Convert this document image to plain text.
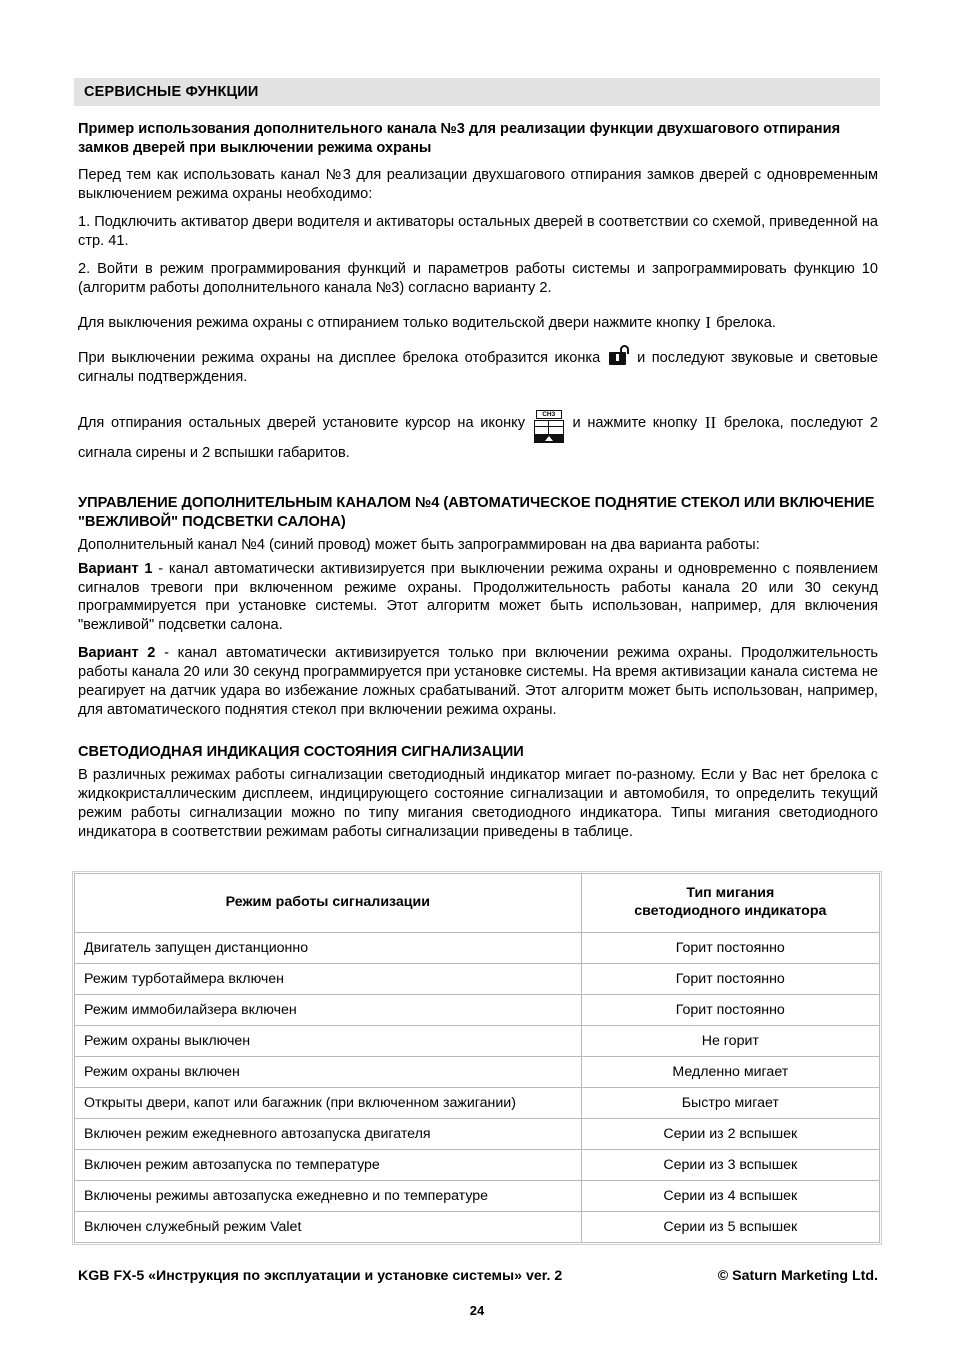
СЕРВИСНЫЕ ФУНКЦИИ
Пример использования дополнительного канала №3 для реализации функции двухшагового отпирания замков дверей при выключении режима охраны
Перед тем как использовать канал №3 для реализации двухшагового отпирания замков дверей с одновременным выключением режима охраны необходимо:
1. Подключить активатор двери водителя и активаторы остальных дверей в соответствии со схемой, приведенной на стр. 41.
2. Войти в режим программирования функций и параметров работы системы и запрограммировать функцию 10 (алгоритм работы дополнительного канала №3) согласно варианту 2.
Для выключения режима охраны с отпиранием только водительской двери нажмите кнопку I брелока.
При выключении режима охраны на дисплее брелока отобразится иконка	и последуют звуковые и световые сигналы подтверждения.
Для отпирания остальных дверей установите курсор на иконку
CH3
и нажмите кнопку II брелока, последуют 2 сигнала сирены и 2 вспышки габаритов.
УПРАВЛЕНИЕ ДОПОЛНИТЕЛЬНЫМ КАНАЛОМ №4 (АВТОМАТИЧЕСКОЕ ПОДНЯТИЕ СТЕКОЛ ИЛИ ВКЛЮЧЕНИЕ "ВЕЖЛИВОЙ" ПОДСВЕТКИ САЛОНА)
Дополнительный канал №4 (синий провод) может быть запрограммирован на два варианта работы:
Вариант 1 - канал автоматически активизируется при выключении режима охраны и одновременно с появлением сигналов тревоги при включенном режиме охраны. Продолжительность работы канала 20 или 30 секунд программируется при установке системы. Этот алгоритм может быть использован, например, для включения "вежливой" подсветки салона.
Вариант 2 - канал автоматически активизируется только при включении режима охраны. Продолжительность работы канала 20 или 30 секунд программируется при установке системы. На время активизации канала система не реагирует на датчик удара во избежание ложных срабатываний. Этот алгоритм может быть использован, например, для автоматического поднятия стекол при включении режима охраны.
СВЕТОДИОДНАЯ ИНДИКАЦИЯ СОСТОЯНИЯ СИГНАЛИЗАЦИИ
В различных режимах работы сигнализации светодиодный индикатор мигает по-разному. Если у Вас нет брелока с жидкокристаллическим дисплеем, индицирующего состояние сигнализации и автомобиля, то определить текущий режим работы сигнализации можно по типу мигания светодиодного индикатора. Типы мигания светодиодного индикатора в соответствии режимам работы сигнализации приведены в таблице.
Режим работы сигнализации	Тип мигания
светодиодного индикатора

Двигатель запущен дистанционно	Горит постоянно
Режим турботаймера включен	Горит постоянно
Режим иммобилайзера включен	Горит постоянно
Режим охраны выключен	Не горит
Режим охраны включен	Медленно мигает
Открыты двери, капот или багажник (при включенном зажигании)	Быстро мигает
Включен режим ежедневного автозапуска двигателя	Серии из 2 вспышек
Включен режим автозапуска по температуре	Серии из 3 вспышек
Включены режимы автозапуска ежедневно и по температуре	Серии из 4 вспышек
Включен служебный режим Valet	Серии из 5 вспышек
KGB FX-5 «Инструкция по эксплуатации и установке системы» ver. 2	© Saturn Marketing Ltd.
24
